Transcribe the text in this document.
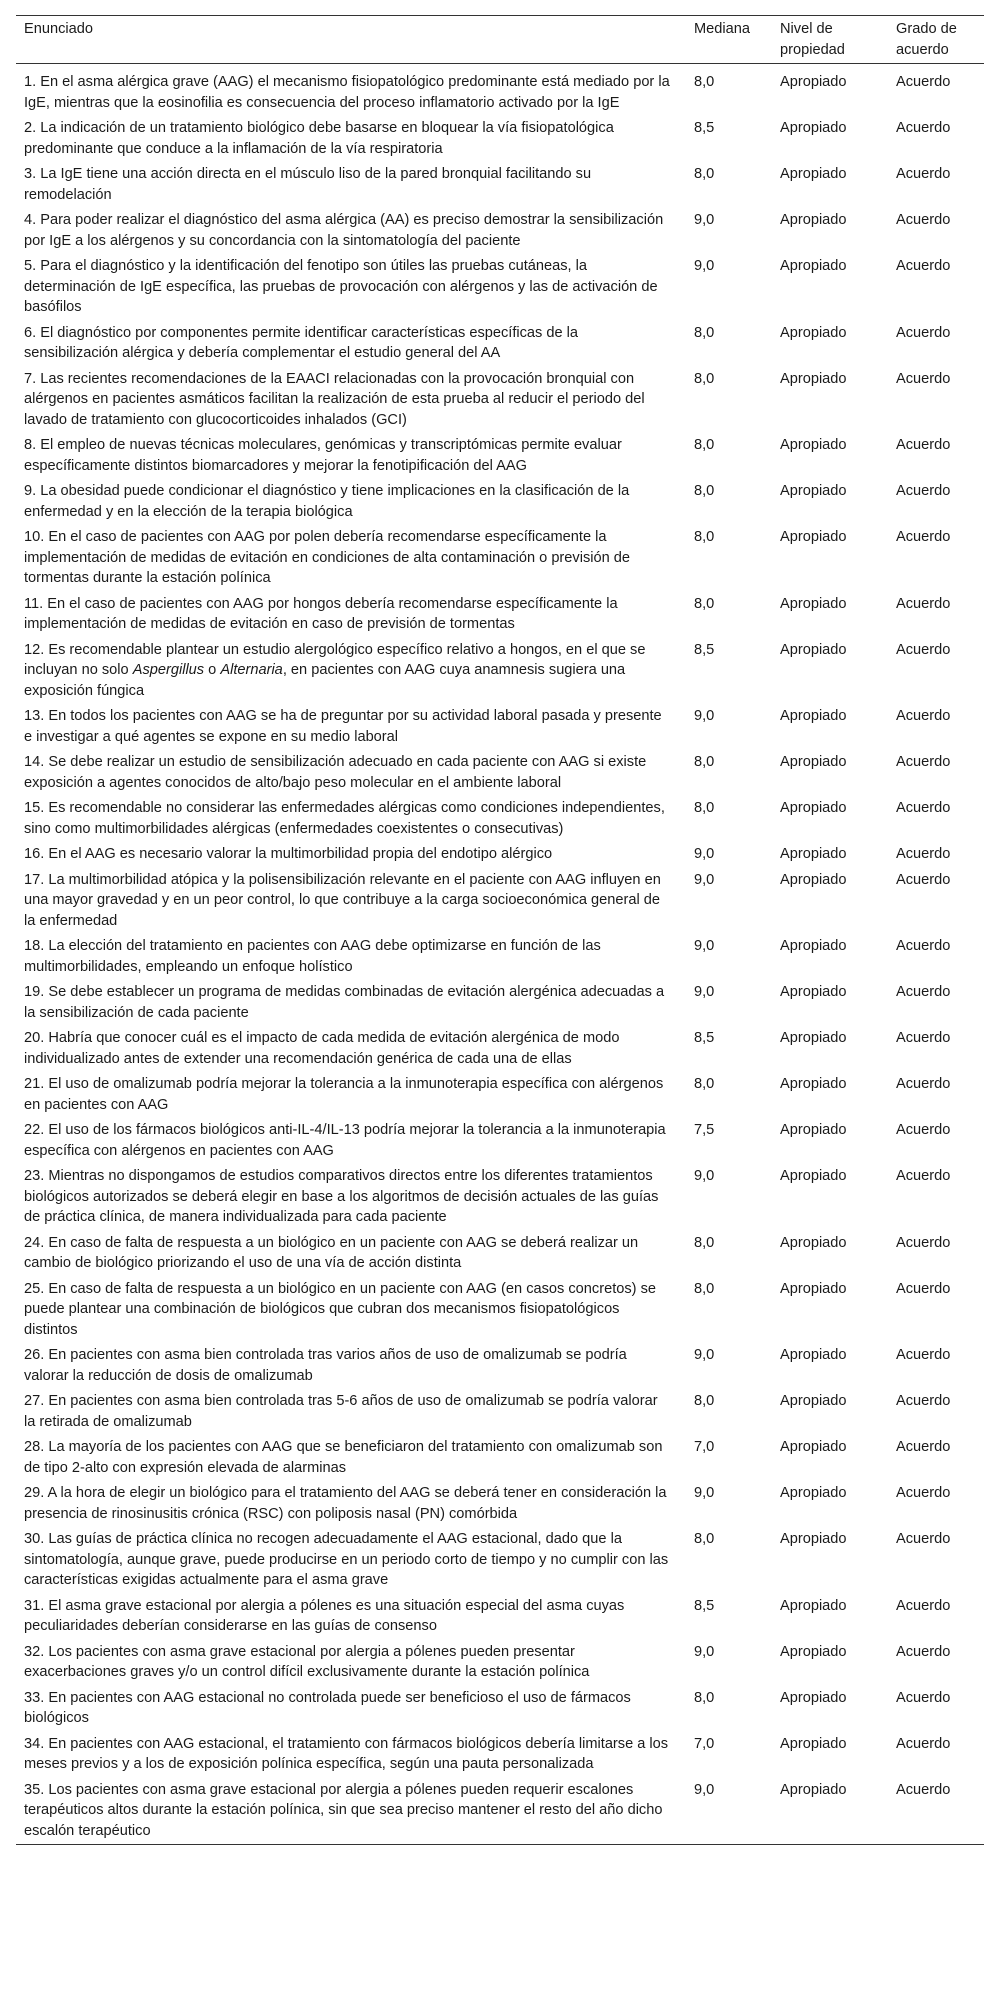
Enunciado	Mediana	Nivel de propiedad	Grado de acuerdo
1. En el asma alérgica grave (AAG) el mecanismo fisiopatológico predominante está mediado por la IgE, mientras que la eosinofilia es consecuencia del proceso inflamatorio activado por la IgE	8,0	Apropiado	Acuerdo
2. La indicación de un tratamiento biológico debe basarse en bloquear la vía fisiopatológica predominante que conduce a la inflamación de la vía respiratoria	8,5	Apropiado	Acuerdo
3. La IgE tiene una acción directa en el músculo liso de la pared bronquial facilitando su remodelación	8,0	Apropiado	Acuerdo
4. Para poder realizar el diagnóstico del asma alérgica (AA) es preciso demostrar la sensibilización por IgE a los alérgenos y su concordancia con la sintomatología del paciente	9,0	Apropiado	Acuerdo
5. Para el diagnóstico y la identificación del fenotipo son útiles las pruebas cutáneas, la determinación de IgE específica, las pruebas de provocación con alérgenos y las de activación de basófilos	9,0	Apropiado	Acuerdo
6. El diagnóstico por componentes permite identificar características específicas de la sensibilización alérgica y debería complementar el estudio general del AA	8,0	Apropiado	Acuerdo
7. Las recientes recomendaciones de la EAACI relacionadas con la provocación bronquial con alérgenos en pacientes asmáticos facilitan la realización de esta prueba al reducir el periodo del lavado de tratamiento con glucocorticoides inhalados (GCI)	8,0	Apropiado	Acuerdo
8. El empleo de nuevas técnicas moleculares, genómicas y transcriptómicas permite evaluar específicamente distintos biomarcadores y mejorar la fenotipificación del AAG	8,0	Apropiado	Acuerdo
9. La obesidad puede condicionar el diagnóstico y tiene implicaciones en la clasificación de la enfermedad y en la elección de la terapia biológica	8,0	Apropiado	Acuerdo
10. En el caso de pacientes con AAG por polen debería recomendarse específicamente la implementación de medidas de evitación en condiciones de alta contaminación o previsión de tormentas durante la estación polínica	8,0	Apropiado	Acuerdo
11. En el caso de pacientes con AAG por hongos debería recomendarse específicamente la implementación de medidas de evitación en caso de previsión de tormentas	8,0	Apropiado	Acuerdo
12. Es recomendable plantear un estudio alergológico específico relativo a hongos, en el que se incluyan no solo Aspergillus o Alternaria, en pacientes con AAG cuya anamnesis sugiera una exposición fúngica	8,5	Apropiado	Acuerdo
13. En todos los pacientes con AAG se ha de preguntar por su actividad laboral pasada y presente e investigar a qué agentes se expone en su medio laboral	9,0	Apropiado	Acuerdo
14. Se debe realizar un estudio de sensibilización adecuado en cada paciente con AAG si existe exposición a agentes conocidos de alto/bajo peso molecular en el ambiente laboral	8,0	Apropiado	Acuerdo
15. Es recomendable no considerar las enfermedades alérgicas como condiciones independientes, sino como multimorbilidades alérgicas (enfermedades coexistentes o consecutivas)	8,0	Apropiado	Acuerdo
16. En el AAG es necesario valorar la multimorbilidad propia del endotipo alérgico	9,0	Apropiado	Acuerdo
17. La multimorbilidad atópica y la polisensibilización relevante en el paciente con AAG influyen en una mayor gravedad y en un peor control, lo que contribuye a la carga socioeconómica general de la enfermedad	9,0	Apropiado	Acuerdo
18. La elección del tratamiento en pacientes con AAG debe optimizarse en función de las multimorbilidades, empleando un enfoque holístico	9,0	Apropiado	Acuerdo
19. Se debe establecer un programa de medidas combinadas de evitación alergénica adecuadas a la sensibilización de cada paciente	9,0	Apropiado	Acuerdo
20. Habría que conocer cuál es el impacto de cada medida de evitación alergénica de modo individualizado antes de extender una recomendación genérica de cada una de ellas	8,5	Apropiado	Acuerdo
21. El uso de omalizumab podría mejorar la tolerancia a la inmunoterapia específica con alérgenos en pacientes con AAG	8,0	Apropiado	Acuerdo
22. El uso de los fármacos biológicos anti-IL-4/IL-13 podría mejorar la tolerancia a la inmunoterapia específica con alérgenos en pacientes con AAG	7,5	Apropiado	Acuerdo
23. Mientras no dispongamos de estudios comparativos directos entre los diferentes tratamientos biológicos autorizados se deberá elegir en base a los algoritmos de decisión actuales de las guías de práctica clínica, de manera individualizada para cada paciente	9,0	Apropiado	Acuerdo
24. En caso de falta de respuesta a un biológico en un paciente con AAG se deberá realizar un cambio de biológico priorizando el uso de una vía de acción distinta	8,0	Apropiado	Acuerdo
25. En caso de falta de respuesta a un biológico en un paciente con AAG (en casos concretos) se puede plantear una combinación de biológicos que cubran dos mecanismos fisiopatológicos distintos	8,0	Apropiado	Acuerdo
26. En pacientes con asma bien controlada tras varios años de uso de omalizumab se podría valorar la reducción de dosis de omalizumab	9,0	Apropiado	Acuerdo
27. En pacientes con asma bien controlada tras 5-6 años de uso de omalizumab se podría valorar la retirada de omalizumab	8,0	Apropiado	Acuerdo
28. La mayoría de los pacientes con AAG que se beneficiaron del tratamiento con omalizumab son de tipo 2-alto con expresión elevada de alarminas	7,0	Apropiado	Acuerdo
29. A la hora de elegir un biológico para el tratamiento del AAG se deberá tener en consideración la presencia de rinosinusitis crónica (RSC) con poliposis nasal (PN) comórbida	9,0	Apropiado	Acuerdo
30. Las guías de práctica clínica no recogen adecuadamente el AAG estacional, dado que la sintomatología, aunque grave, puede producirse en un periodo corto de tiempo y no cumplir con las características exigidas actualmente para el asma grave	8,0	Apropiado	Acuerdo
31. El asma grave estacional por alergia a pólenes es una situación especial del asma cuyas peculiaridades deberían considerarse en las guías de consenso	8,5	Apropiado	Acuerdo
32. Los pacientes con asma grave estacional por alergia a pólenes pueden presentar exacerbaciones graves y/o un control difícil exclusivamente durante la estación polínica	9,0	Apropiado	Acuerdo
33. En pacientes con AAG estacional no controlada puede ser beneficioso el uso de fármacos biológicos	8,0	Apropiado	Acuerdo
34. En pacientes con AAG estacional, el tratamiento con fármacos biológicos debería limitarse a los meses previos y a los de exposición polínica específica, según una pauta personalizada	7,0	Apropiado	Acuerdo
35. Los pacientes con asma grave estacional por alergia a pólenes pueden requerir escalones terapéuticos altos durante la estación polínica, sin que sea preciso mantener el resto del año dicho escalón terapéutico	9,0	Apropiado	Acuerdo
